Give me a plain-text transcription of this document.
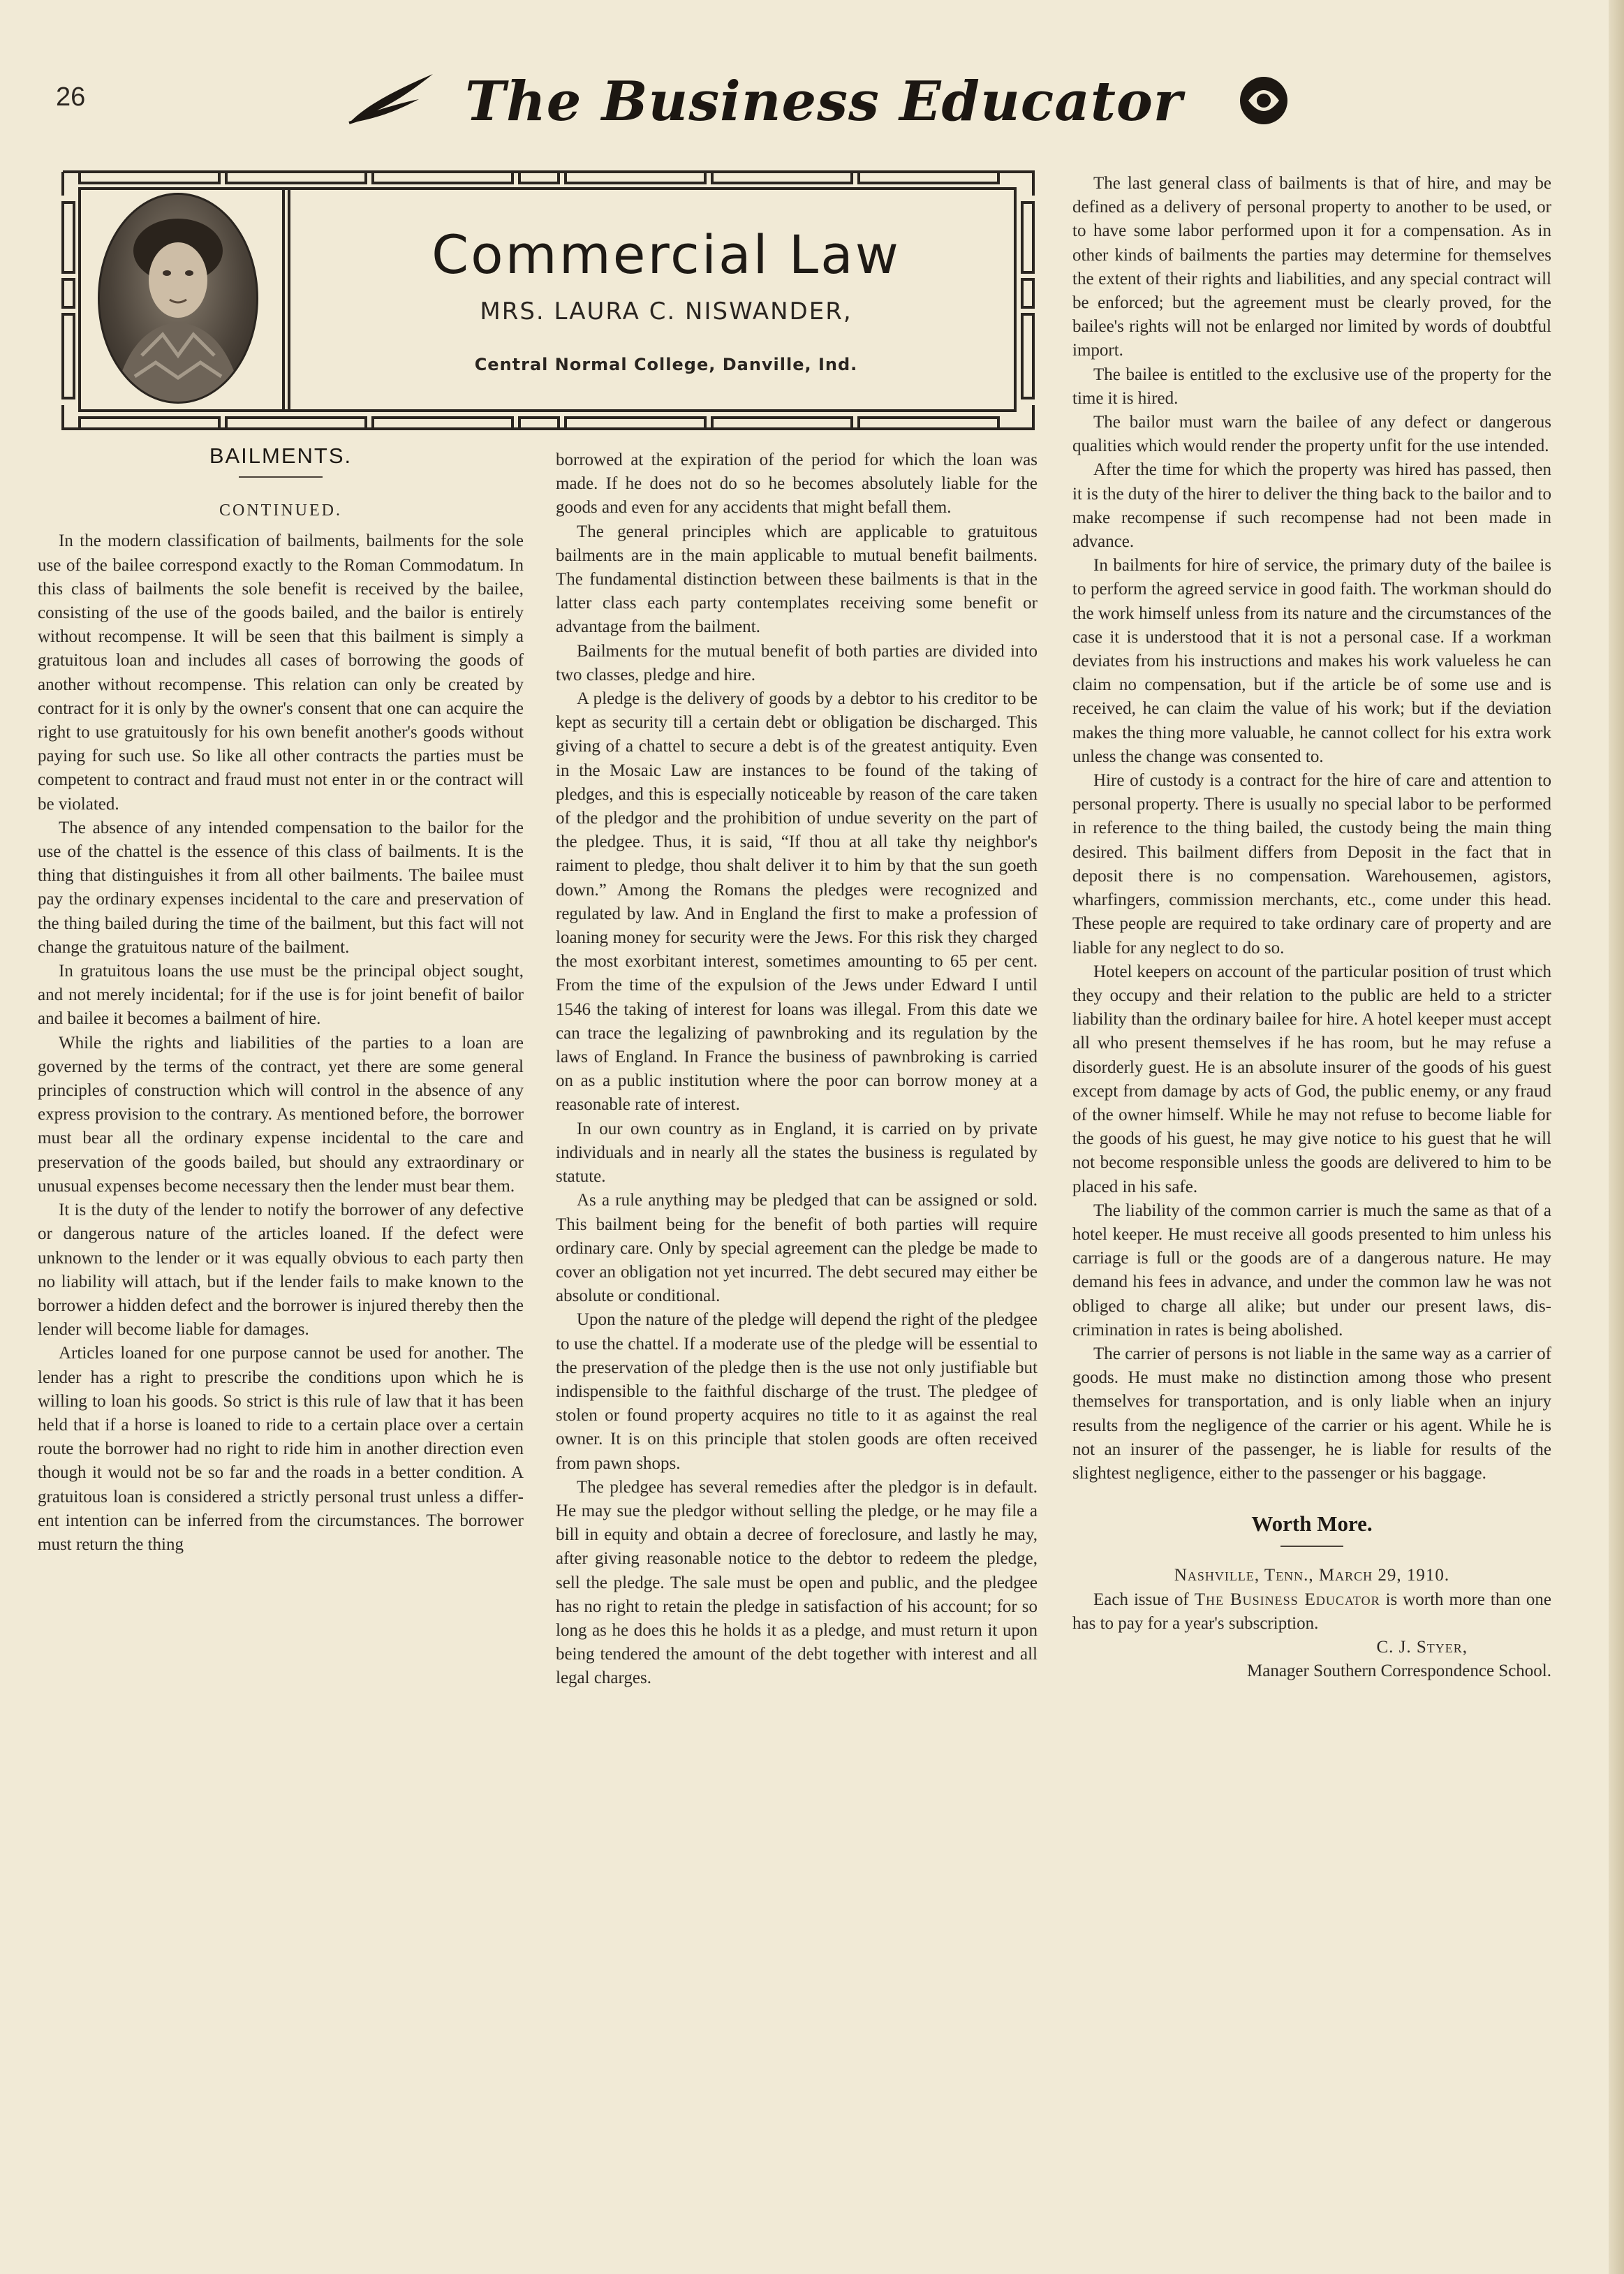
26	The Business Educator
Commercial Law
MRS. LAURA C. NISWANDER,
Central Normal College, Danville, Ind.
BAILMENTS.
CONTINUED.

In the modern classification of bailments, bailments for the sole use of the bailee correspond exactly to the Roman Commodatum. In this class of bailments the sole benefit is received by the bailee, consisting of the use of the goods bailed, and the bailor is entirely without recompense. It will be seen that this bailment is simply a gratuitous loan and includes all cases of borrowing the goods of another without recompense. This relation can only be created by contract for it is only by the owner's consent that one can acquire the right to use gratuitously for his own benefit another's goods without paying for such use. So like all other contracts the parties must be competent to contract and fraud must not enter in or the contract will be violated.

The absence of any intended compensation to the bailor for the use of the chattel is the essence of this class of bailments. It is the thing that distinguishes it from all other bailments. The bailee must pay the ordinary expenses incidental to the care and preservation of the thing bailed during the time of the bailment, but this fact will not change the gratuitous nature of the bailment.

In gratuitous loans the use must be the principal object sought, and not merely incidental; for if the use is for joint benefit of bailor and bailee it becomes a bailment of hire.

While the rights and liabilities of the parties to a loan are governed by the terms of the contract, yet there are some general principles of construction which will control in the absence of any express provision to the contrary. As mentioned before, the borrower must bear all the ordinary expense incidental to the care and preservation of the goods bailed, but should any extraordinary or unusual expenses become necessary then the lender must bear them.

It is the duty of the lender to notify the borrower of any defective or dangerous nature of the articles loaned. If the defect were unknown to the lender or it was equally obvious to each party then no liability will attach, but if the lender fails to make known to the borrower a hidden defect and the borrower is injured thereby then the lender will become liable for damages.

Articles loaned for one purpose cannot be used for another. The lender has a right to prescribe the conditions upon which he is willing to loan his goods. So strict is this rule of law that it has been held that if a horse is loaned to ride to a certain place over a certain route the borrower had no right to ride him in another direction even though it would not be so far and the roads in a better condition. A gratuitous loan is considered a strictly personal trust unless a different intention can be inferred from the circumstances. The borrower must return the thing

borrowed at the expiration of the period for which the loan was made. If he does not do so he becomes absolutely liable for the goods and even for any accidents that might befall them.

The general principles which are applicable to gratuitous bailments are in the main applicable to mutual benefit bailments. The fundamental distinction between these bailments is that in the latter class each party contemplates receiving some benefit or advantage from the bailment.

Bailments for the mutual benefit of both parties are divided into two classes, pledge and hire.

A pledge is the delivery of goods by a debtor to his creditor to be kept as security till a certain debt or obligation be discharged. This giving of a chattel to secure a debt is of the greatest antiquity. Even in the Mosaic Law are instances to be found of the taking of pledges, and this is especially noticeable by reason of the care taken of the pledgor and the prohibition of undue severity on the part of the pledgee. Thus, it is said, “If thou at all take thy neighbor's raiment to pledge, thou shalt deliver it to him by that the sun goeth down.” Among the Romans the pledges were recognized and regulated by law. And in England the first to make a profession of loaning money for security were the Jews. For this risk they charged the most exorbitant interest, sometimes amounting to 65 per cent. From the time of the expulsion of the Jews under Edward I until 1546 the taking of interest for loans was illegal. From this date we can trace the legalizing of pawnbroking and its regulation by the laws of England. In France the business of pawnbroking is carried on as a public institution where the poor can borrow money at a reasonable rate of interest.

In our own country as in England, it is carried on by private individuals and in nearly all the states the business is regulated by statute.

As a rule anything may be pledged that can be assigned or sold. This bailment being for the benefit of both parties will require ordinary care. Only by special agreement can the pledge be made to cover an obligation not yet incurred. The debt secured may either be absolute or conditional.

Upon the nature of the pledge will depend the right of the pledgee to use the chattel. If a moderate use of the pledge will be essential to the preservation of the pledge then is the use not only justifiable but indispensible to the faithful discharge of the trust. The pledgee of stolen or found property acquires no title to it as against the real owner. It is on this principle that stolen goods are often received from pawn shops.

The pledgee has several remedies after the pledgor is in default. He may sue the pledgor without selling the pledge, or he may file a bill in equity and obtain a decree of foreclosure, and lastly he may, after giving reasonable notice to the debtor to redeem the pledge, sell the pledge. The sale must be open and public, and the pledgee has no right to retain the pledge in satisfaction of his account; for so long as he does this he holds it as a pledge, and must return it upon being tendered the amount of the debt together with interest and all legal charges.

The last general class of bailments is that of hire, and may be defined as a delivery of personal property to another to be used, or to have some labor performed upon it for a compensation. As in other kinds of bailments the parties may determine for themselves the extent of their rights and liabilities, and any special contract will be enforced; but the agreement must be clearly proved, for the bailee's rights will not be enlarged nor limited by words of doubtful import.

The bailee is entitled to the exclusive use of the property for the time it is hired.

The bailor must warn the bailee of any defect or dangerous qualities which would render the property unfit for the use intended.

After the time for which the property was hired has passed, then it is the duty of the hirer to deliver the thing back to the bailor and to make recompense if such recompense had not been made in advance.

In bailments for hire of service, the primary duty of the bailee is to perform the agreed service in good faith. The workman should do the work himself unless from its nature and the circumstances of the case it is understood that it is not a personal case. If a workman deviates from his instructions and makes his work valueless he can claim no compensation, but if the article be of some use and is received, he can claim the value of his work; but if the deviation makes the thing more valuable, he cannot collect for his extra work unless the change was consented to.

Hire of custody is a contract for the hire of care and attention to personal property. There is usually no special labor to be performed in reference to the thing bailed, the custody being the main thing desired. This bailment differs from Deposit in the fact that in deposit there is no compensation. Warehousemen, agistors, wharfingers, commission merchants, etc., come under this head. These people are required to take ordinary care of property and are liable for any neglect to do so.

Hotel keepers on account of the particular position of trust which they occupy and their relation to the public are held to a stricter liability than the ordinary bailee for hire. A hotel keeper must accept all who present themselves if he has room, but he may refuse a disorderly guest. He is an absolute insurer of the goods of his guest except from damage by acts of God, the public enemy, or any fraud of the owner himself. While he may not refuse to become liable for the goods of his guest, he may give notice to his guest that he will not become responsible unless the goods are delivered to him to be placed in his safe.

The liability of the common carrier is much the same as that of a hotel keeper. He must receive all goods presented to him unless his carriage is full or the goods are of a dangerous nature. He may demand his fees in advance, and under the common law he was not obliged to charge all alike; but under our present laws, discrimination in rates is being abolished.

The carrier of persons is not liable in the same way as a carrier of goods. He must make no distinction among those who present themselves for transportation, and is only liable when an injury results from the negligence of the carrier or his agent. While he is not an insurer of the passenger, he is liable for results of the slightest negligence, either to the passenger or his baggage.

Worth More.
Nashville, Tenn., March 29, 1910.

Each issue of The Business Educator is worth more than one has to pay for a year's subscription.

C. J. Styer,
Manager Southern Correspondence School.
